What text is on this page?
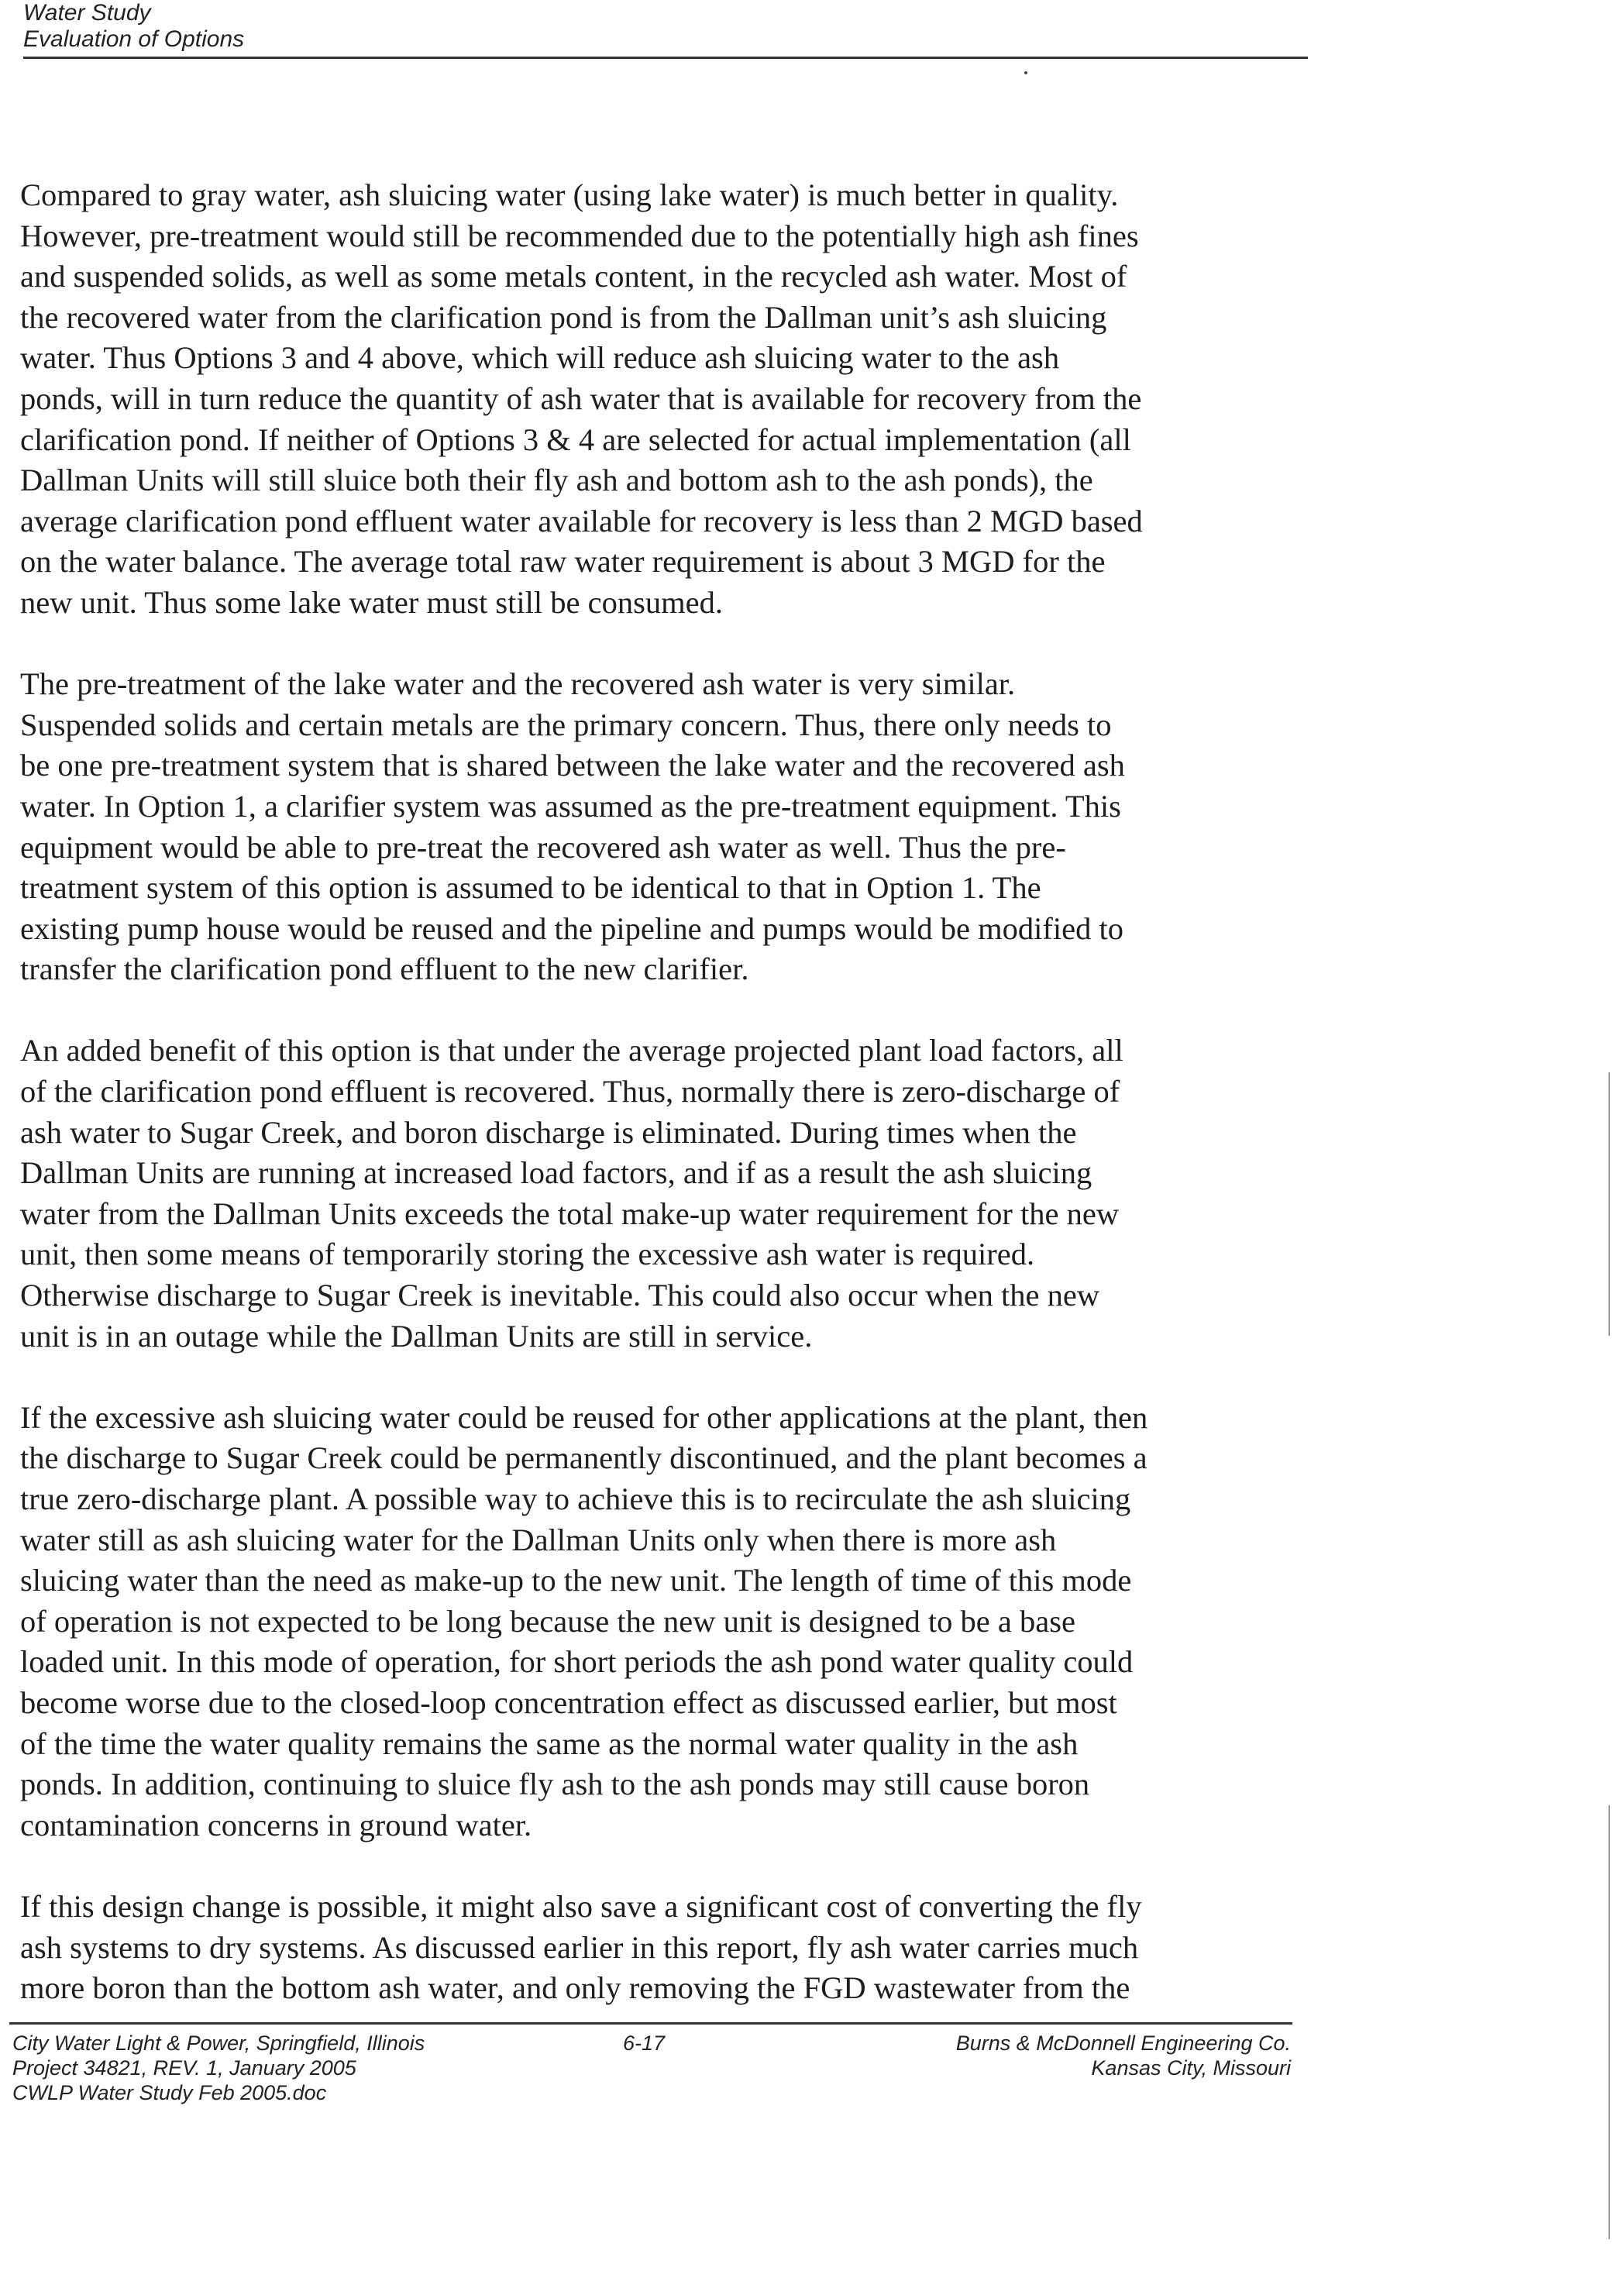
Water Study
Evaluation of Options

Compared to gray water, ash sluicing water (using lake water) is much better in quality.
However, pre-treatment would still be recommended due to the potentially high ash fines
and suspended solids, as well as some metals content, in the recycled ash water. Most of
the recovered water from the clarification pond is from the Dallman unit’s ash sluicing
water. Thus Options 3 and 4 above, which will reduce ash sluicing water to the ash
ponds, will in turn reduce the quantity of ash water that is available for recovery from the
clarification pond. If neither of Options 3 & 4 are selected for actual implementation (all
Dallman Units will still sluice both their fly ash and bottom ash to the ash ponds), the
average clarification pond effluent water available for recovery is less than 2 MGD based
on the water balance. The average total raw water requirement is about 3 MGD for the
new unit. Thus some lake water must still be consumed.

The pre-treatment of the lake water and the recovered ash water is very similar.
Suspended solids and certain metals are the primary concern. Thus, there only needs to
be one pre-treatment system that is shared between the lake water and the recovered ash
water. In Option 1, a clarifier system was assumed as the pre-treatment equipment. This
equipment would be able to pre-treat the recovered ash water as well. Thus the pre-
treatment system of this option is assumed to be identical to that in Option 1. The
existing pump house would be reused and the pipeline and pumps would be modified to
transfer the clarification pond effluent to the new clarifier.

An added benefit of this option is that under the average projected plant load factors, all
of the clarification pond effluent is recovered. Thus, normally there is zero-discharge of
ash water to Sugar Creek, and boron discharge is eliminated. During times when the
Dallman Units are running at increased load factors, and if as a result the ash sluicing
water from the Dallman Units exceeds the total make-up water requirement for the new
unit, then some means of temporarily storing the excessive ash water is required.
Otherwise discharge to Sugar Creek is inevitable. This could also occur when the new
unit is in an outage while the Dallman Units are still in service.

If the excessive ash sluicing water could be reused for other applications at the plant, then
the discharge to Sugar Creek could be permanently discontinued, and the plant becomes a
true zero-discharge plant. A possible way to achieve this is to recirculate the ash sluicing
water still as ash sluicing water for the Dallman Units only when there is more ash
sluicing water than the need as make-up to the new unit. The length of time of this mode
of operation is not expected to be long because the new unit is designed to be a base
loaded unit. In this mode of operation, for short periods the ash pond water quality could
become worse due to the closed-loop concentration effect as discussed earlier, but most
of the time the water quality remains the same as the normal water quality in the ash
ponds. In addition, continuing to sluice fly ash to the ash ponds may still cause boron
contamination concerns in ground water.

If this design change is possible, it might also save a significant cost of converting the fly
ash systems to dry systems. As discussed earlier in this report, fly ash water carries much
more boron than the bottom ash water, and only removing the FGD wastewater from the

City Water Light & Power, Springfield, Illinois
Project 34821, REV. 1, January 2005
CWLP Water Study Feb 2005.doc
6-17	Burns & McDonnell Engineering Co.
Kansas City, Missouri
